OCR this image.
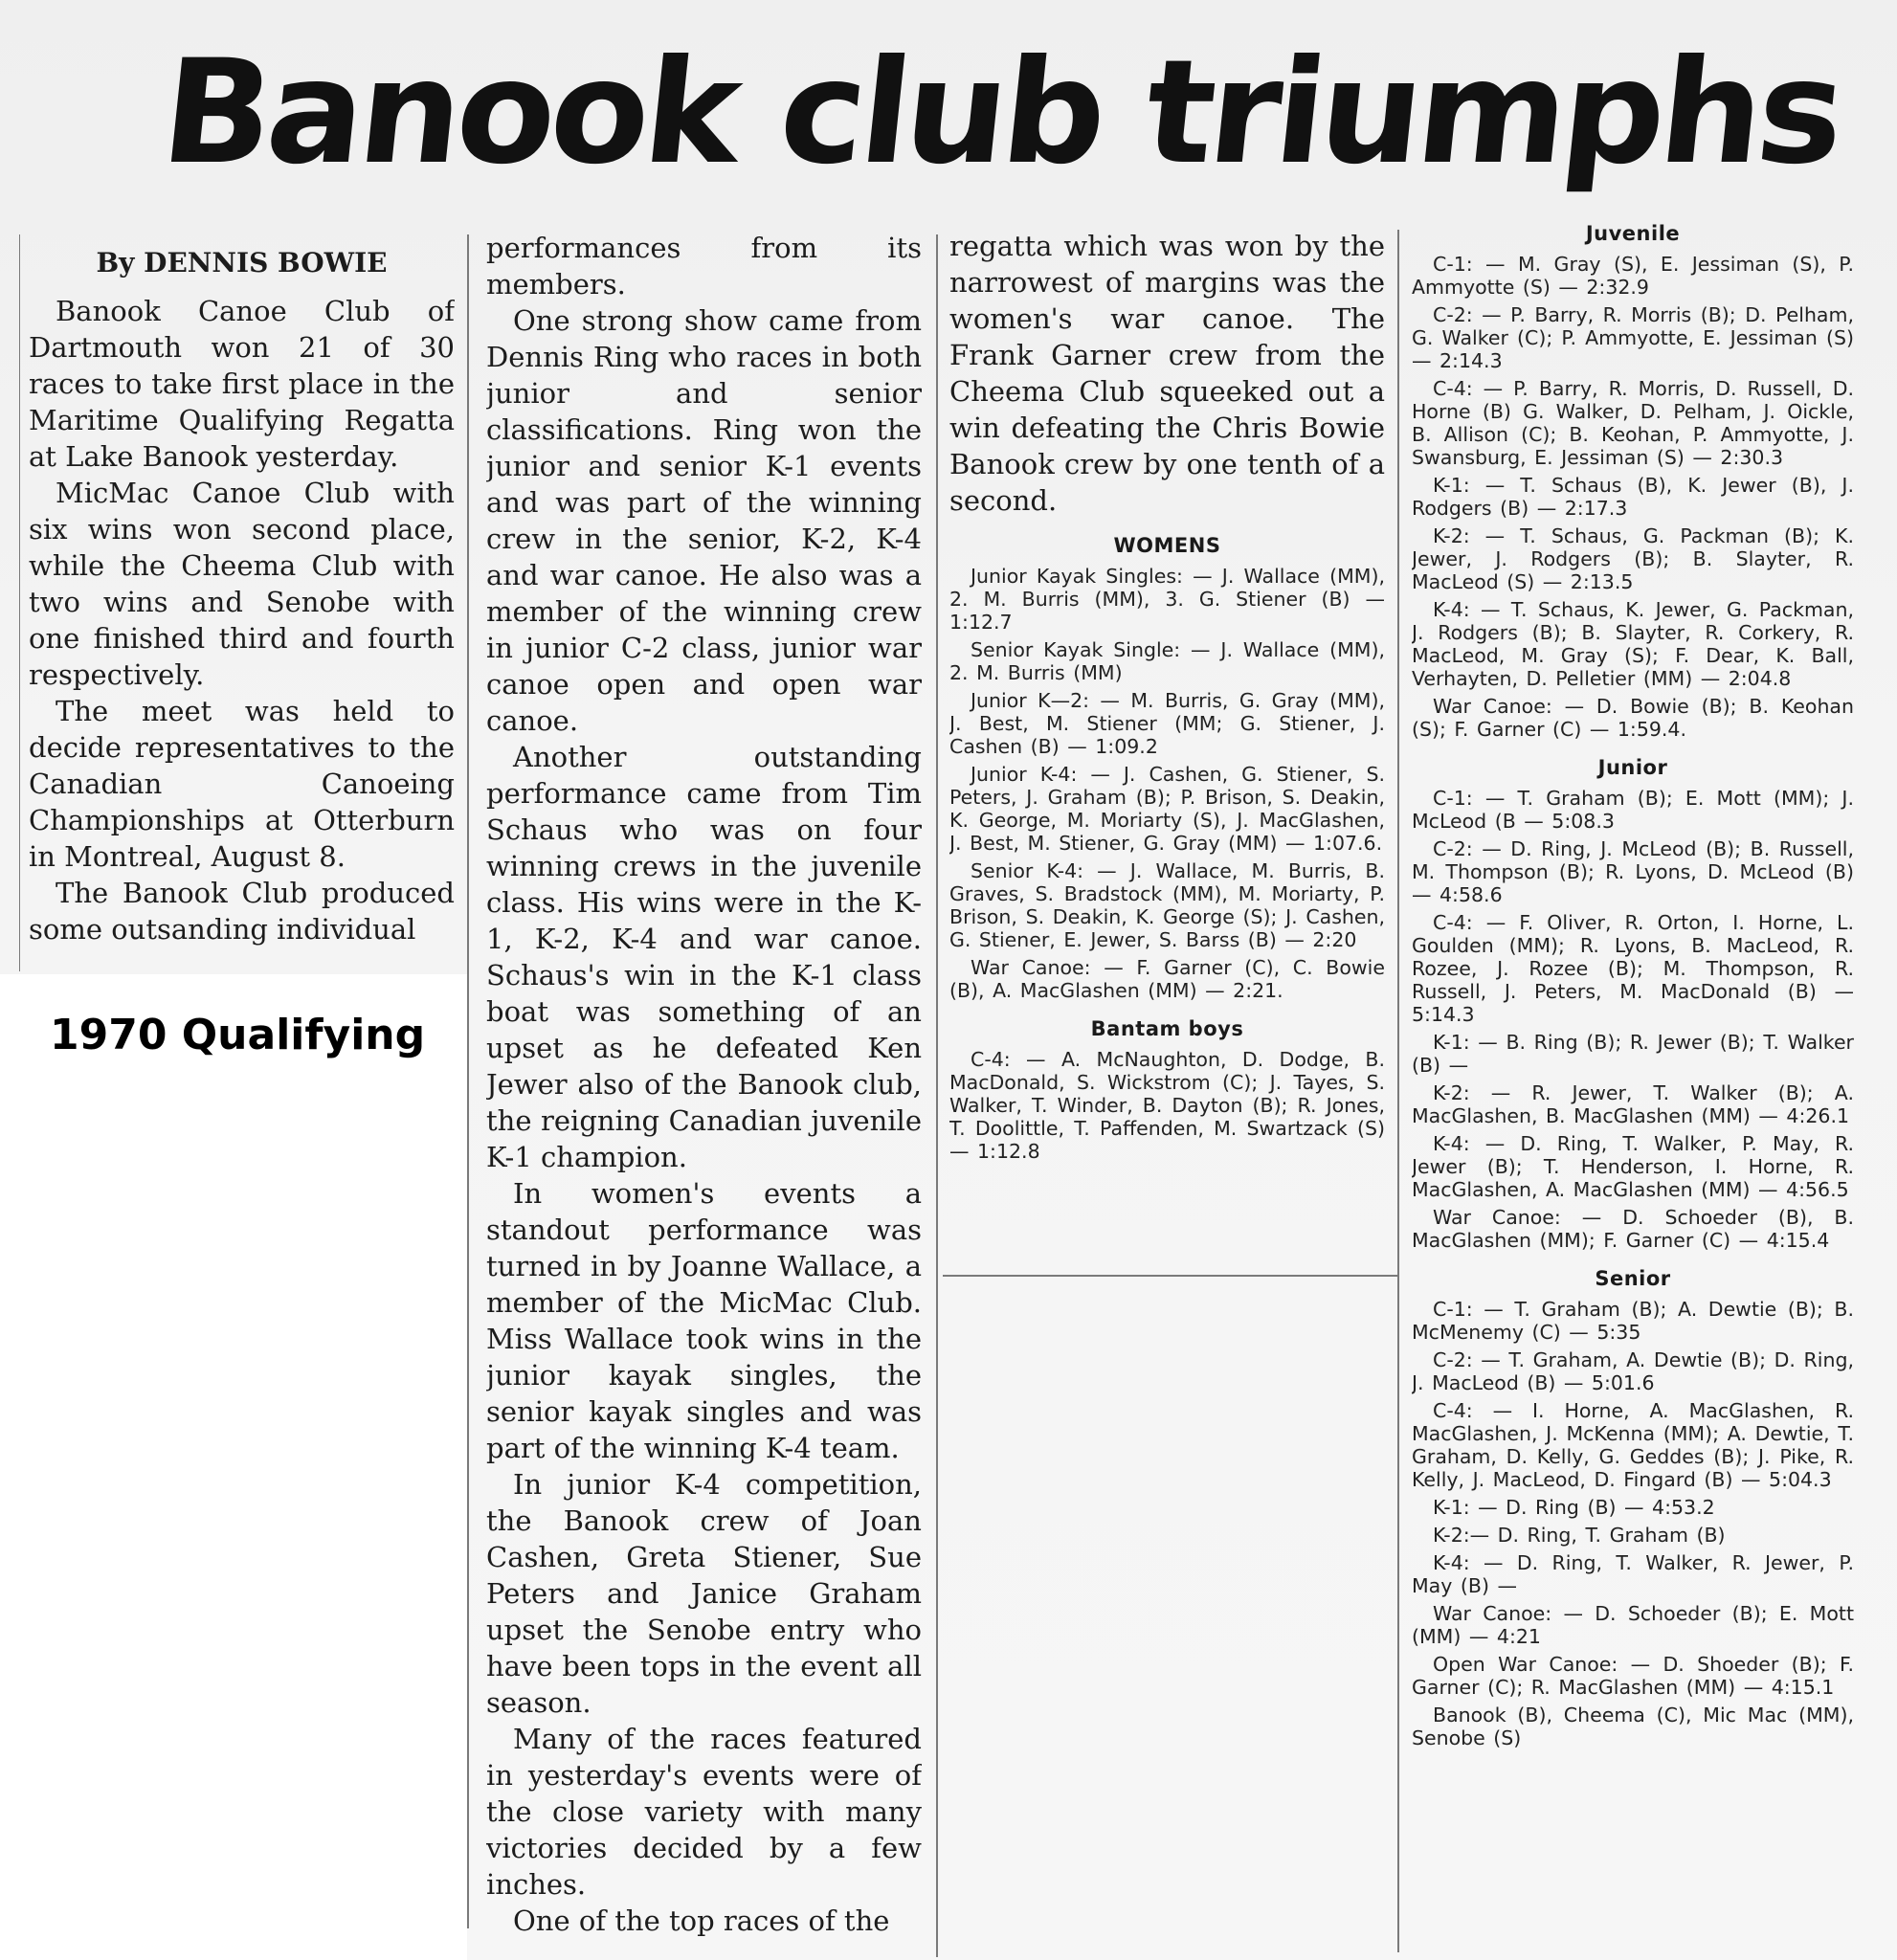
Banook club triumphs
By DENNIS BOWIE

Banook Canoe Club of Dartmouth won 21 of 30 races to take first place in the Maritime Qualifying Regatta at Lake Banook yesterday.

MicMac Canoe Club with six wins won second place, while the Cheema Club with two wins and Senobe with one finished third and fourth respectively.

The meet was held to decide representatives to the Canadian Canoeing Championships at Otterburn in Montreal, August 8.

The Banook Club produced some outsanding individual

1970 Qualifying

performances from its members.

One strong show came from Dennis Ring who races in both junior and senior classifications. Ring won the junior and senior K-1 events and was part of the winning crew in the senior, K-2, K-4 and war canoe. He also was a member of the winning crew in junior C-2 class, junior war canoe open and open war canoe.

Another outstanding performance came from Tim Schaus who was on four winning crews in the juvenile class. His wins were in the K-1, K-2, K-4 and war canoe. Schaus's win in the K-1 class boat was something of an upset as he defeated Ken Jewer also of the Banook club, the reigning Canadian juvenile K-1 champion.

In women's events a standout performance was turned in by Joanne Wallace, a member of the MicMac Club. Miss Wallace took wins in the junior kayak singles, the senior kayak singles and was part of the winning K-4 team.

In junior K-4 competition, the Banook crew of Joan Cashen, Greta Stiener, Sue Peters and Janice Graham upset the Senobe entry who have been tops in the event all season.

Many of the races featured in yesterday's events were of the close variety with many victories decided by a few inches.

One of the top races of the

regatta which was won by the narrowest of margins was the women's war canoe. The Frank Garner crew from the Cheema Club squeeked out a win defeating the Chris Bowie Banook crew by one tenth of a second.

WOMENS

Junior Kayak Singles: — J. Wallace (MM), 2. M. Burris (MM), 3. G. Stiener (B) — 1:12.7

Senior Kayak Single: — J. Wallace (MM), 2. M. Burris (MM)

Junior K—2: — M. Burris, G. Gray (MM), J. Best, M. Stiener (MM; G. Stiener, J. Cashen (B) — 1:09.2

Junior K-4: — J. Cashen, G. Stiener, S. Peters, J. Graham (B); P. Brison, S. Deakin, K. George, M. Moriarty (S), J. MacGlashen, J. Best, M. Stiener, G. Gray (MM) — 1:07.6.

Senior K-4: — J. Wallace, M. Burris, B. Graves, S. Bradstock (MM), M. Moriarty, P. Brison, S. Deakin, K. George (S); J. Cashen, G. Stiener, E. Jewer, S. Barss (B) — 2:20

War Canoe: — F. Garner (C), C. Bowie (B), A. MacGlashen (MM) — 2:21.

Bantam boys

C-4: — A. McNaughton, D. Dodge, B. MacDonald, S. Wickstrom (C); J. Tayes, S. Walker, T. Winder, B. Dayton (B); R. Jones, T. Doolittle, T. Paffenden, M. Swartzack (S) — 1:12.8

Juvenile

C-1: — M. Gray (S), E. Jessiman (S), P. Ammyotte (S) — 2:32.9

C-2: — P. Barry, R. Morris (B); D. Pelham, G. Walker (C); P. Ammyotte, E. Jessiman (S) — 2:14.3

C-4: — P. Barry, R. Morris, D. Russell, D. Horne (B) G. Walker, D. Pelham, J. Oickle, B. Allison (C); B. Keohan, P. Ammyotte, J. Swansburg, E. Jessiman (S) — 2:30.3

K-1: — T. Schaus (B), K. Jewer (B), J. Rodgers (B) — 2:17.3

K-2: — T. Schaus, G. Packman (B); K. Jewer, J. Rodgers (B); B. Slayter, R. MacLeod (S) — 2:13.5

K-4: — T. Schaus, K. Jewer, G. Packman, J. Rodgers (B); B. Slayter, R. Corkery, R. MacLeod, M. Gray (S); F. Dear, K. Ball, Verhayten, D. Pelletier (MM) — 2:04.8

War Canoe: — D. Bowie (B); B. Keohan (S); F. Garner (C) — 1:59.4.

Junior

C-1: — T. Graham (B); E. Mott (MM); J. McLeod (B — 5:08.3

C-2: — D. Ring, J. McLeod (B); B. Russell, M. Thompson (B); R. Lyons, D. McLeod (B) — 4:58.6

C-4: — F. Oliver, R. Orton, I. Horne, L. Goulden (MM); R. Lyons, B. MacLeod, R. Rozee, J. Rozee (B); M. Thompson, R. Russell, J. Peters, M. MacDonald (B) — 5:14.3

K-1: — B. Ring (B); R. Jewer (B); T. Walker (B) —

K-2: — R. Jewer, T. Walker (B); A. MacGlashen, B. MacGlashen (MM) — 4:26.1

K-4: — D. Ring, T. Walker, P. May, R. Jewer (B); T. Henderson, I. Horne, R. MacGlashen, A. MacGlashen (MM) — 4:56.5

War Canoe: — D. Schoeder (B), B. MacGlashen (MM); F. Garner (C) — 4:15.4

Senior

C-1: — T. Graham (B); A. Dewtie (B); B. McMenemy (C) — 5:35

C-2: — T. Graham, A. Dewtie (B); D. Ring, J. MacLeod (B) — 5:01.6

C-4: — I. Horne, A. MacGlashen, R. MacGlashen, J. McKenna (MM); A. Dewtie, T. Graham, D. Kelly, G. Geddes (B); J. Pike, R. Kelly, J. MacLeod, D. Fingard (B) — 5:04.3

K-1: — D. Ring (B) — 4:53.2

K-2:— D. Ring, T. Graham (B)

K-4: — D. Ring, T. Walker, R. Jewer, P. May (B) —

War Canoe: — D. Schoeder (B); E. Mott (MM) — 4:21

Open War Canoe: — D. Shoeder (B); F. Garner (C); R. MacGlashen (MM) — 4:15.1

Banook (B), Cheema (C), Mic Mac (MM), Senobe (S)
